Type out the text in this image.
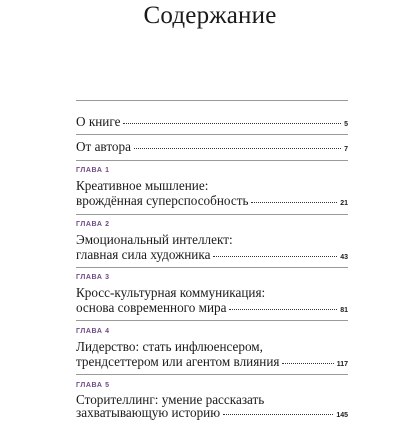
Содержание
О книге	5
От автора	7
ГЛАВА 1
Креативное мышление:
врождённая суперспособность	21
ГЛАВА 2
Эмоциональный интеллект:
главная сила художника	43
ГЛАВА 3
Кросс-культурная коммуникация:
основа современного мира	81
ГЛАВА 4
Лидерство: стать инфлюенсером,
трендсеттером или агентом влияния	117
ГЛАВА 5
Сторителлинг: умение рассказать
захватывающую историю	145
